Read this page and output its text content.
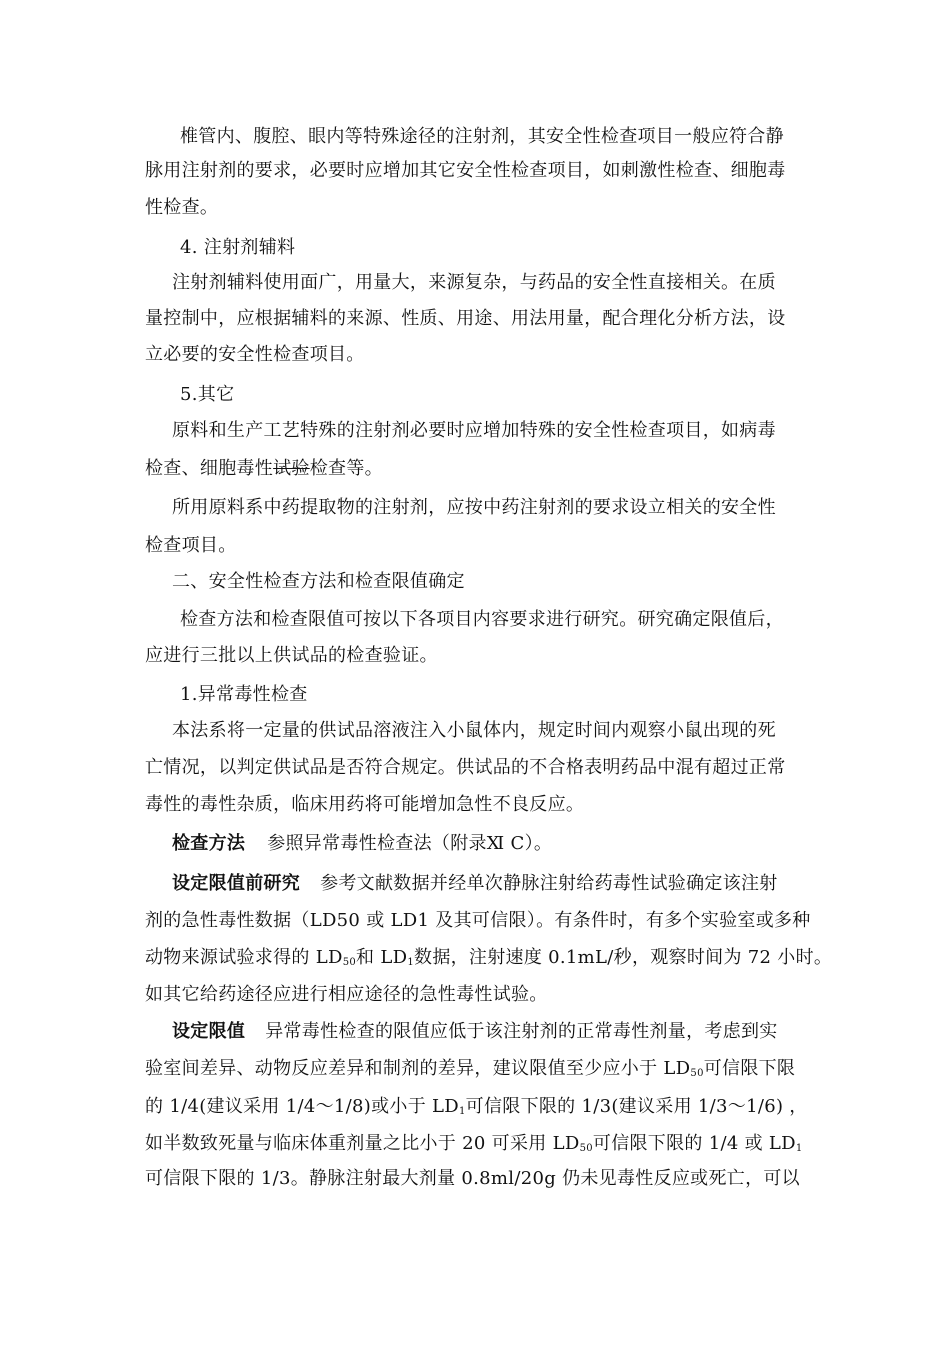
椎管内、腹腔、眼内等特殊途径的注射剂，其安全性检查项目一般应符合静
脉用注射剂的要求，必要时应增加其它安全性检查项目，如刺激性检查、细胞毒
性检查。
4. 注射剂辅料
注射剂辅料使用面广，用量大，来源复杂，与药品的安全性直接相关。在质
量控制中，应根据辅料的来源、性质、用途、用法用量，配合理化分析方法，设
立必要的安全性检查项目。
5.其它
原料和生产工艺特殊的注射剂必要时应增加特殊的安全性检查项目，如病毒
检查、细胞毒性试验检查等。
所用原料系中药提取物的注射剂，应按中药注射剂的要求设立相关的安全性
检查项目。
二、安全性检查方法和检查限值确定
检查方法和检查限值可按以下各项目内容要求进行研究。研究确定限值后，
应进行三批以上供试品的检查验证。
1.异常毒性检查
本法系将一定量的供试品溶液注入小鼠体内，规定时间内观察小鼠出现的死
亡情况，以判定供试品是否符合规定。供试品的不合格表明药品中混有超过正常
毒性的毒性杂质，临床用药将可能增加急性不良反应。
检查方法 参照异常毒性检查法（附录Ⅺ C）。
设定限值前研究 参考文献数据并经单次静脉注射给药毒性试验确定该注射
剂的急性毒性数据（LD50 或 LD1 及其可信限）。有条件时，有多个实验室或多种
动物来源试验求得的 $LD_{50}$和 $LD_1$数据，注射速度 0.1mL/秒，观察时间为 72 小时。
如其它给药途径应进行相应途径的急性毒性试验。
设定限值 异常毒性检查的限值应低于该注射剂的正常毒性剂量，考虑到实
验室间差异、动物反应差异和制剂的差异，建议限值至少应小于 $LD_{50}$可信限下限
的 1/4(建议采用 1/4～1/8)或小于 $LD_1$可信限下限的 1/3(建议采用 1/3～1/6) ，
如半数致死量与临床体重剂量之比小于 20 可采用 $LD_{50}$可信限下限的 1/4 或 $LD_1$
可信限下限的 1/3。静脉注射最大剂量 0.8ml/20g 仍未见毒性反应或死亡，可以
